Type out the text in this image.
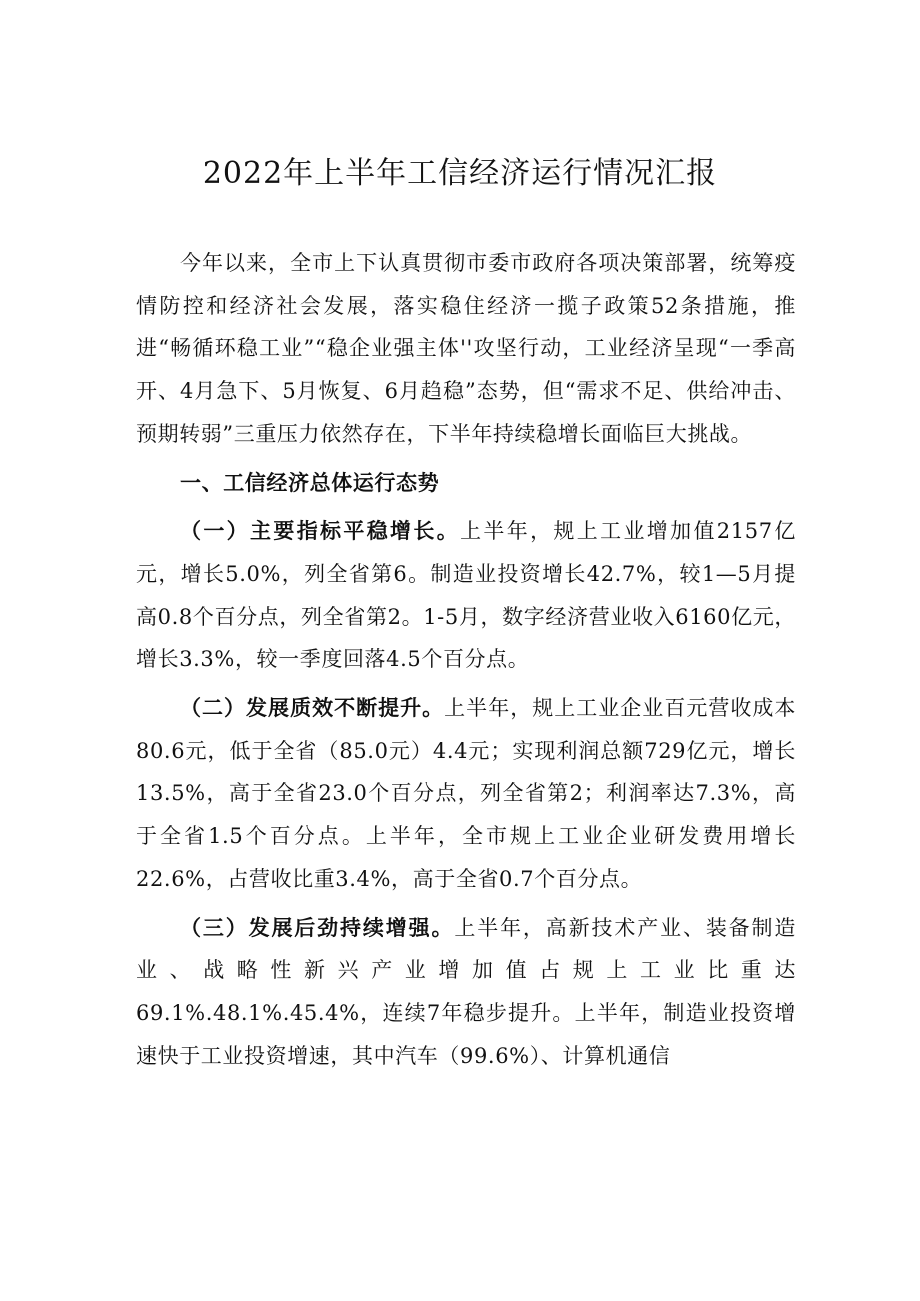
2022年上半年工信经济运行情况汇报

今年以来，全市上下认真贯彻市委市政府各项决策部署，统筹疫情防控和经济社会发展，落实稳住经济一揽子政策52条措施，推进“畅循环稳工业”“稳企业强主体''攻坚行动，工业经济呈现“一季高开、4月急下、5月恢复、6月趋稳”态势，但“需求不足、供给冲击、预期转弱”三重压力依然存在，下半年持续稳增长面临巨大挑战。

一、工信经济总体运行态势

（一）主要指标平稳增长。上半年，规上工业增加值2157亿元，增长5.0%，列全省第6。制造业投资增长42.7%，较1—5月提高0.8个百分点，列全省第2。1-5月，数字经济营业收入6160亿元，增长3.3%，较一季度回落4.5个百分点。

（二）发展质效不断提升。上半年，规上工业企业百元营收成本80.6元，低于全省（85.0元）4.4元；实现利润总额729亿元，增长13.5%，高于全省23.0个百分点，列全省第2；利润率达7.3%，高于全省1.5个百分点。上半年，全市规上工业企业研发费用增长22.6%，占营收比重3.4%，高于全省0.7个百分点。

（三）发展后劲持续增强。上半年，高新技术产业、装备制造业、战略性新兴产业增加值占规上工业比重达69.1%.48.1%.45.4%，连续7年稳步提升。上半年，制造业投资增速快于工业投资增速，其中汽车（99.6%）、计算机通信
